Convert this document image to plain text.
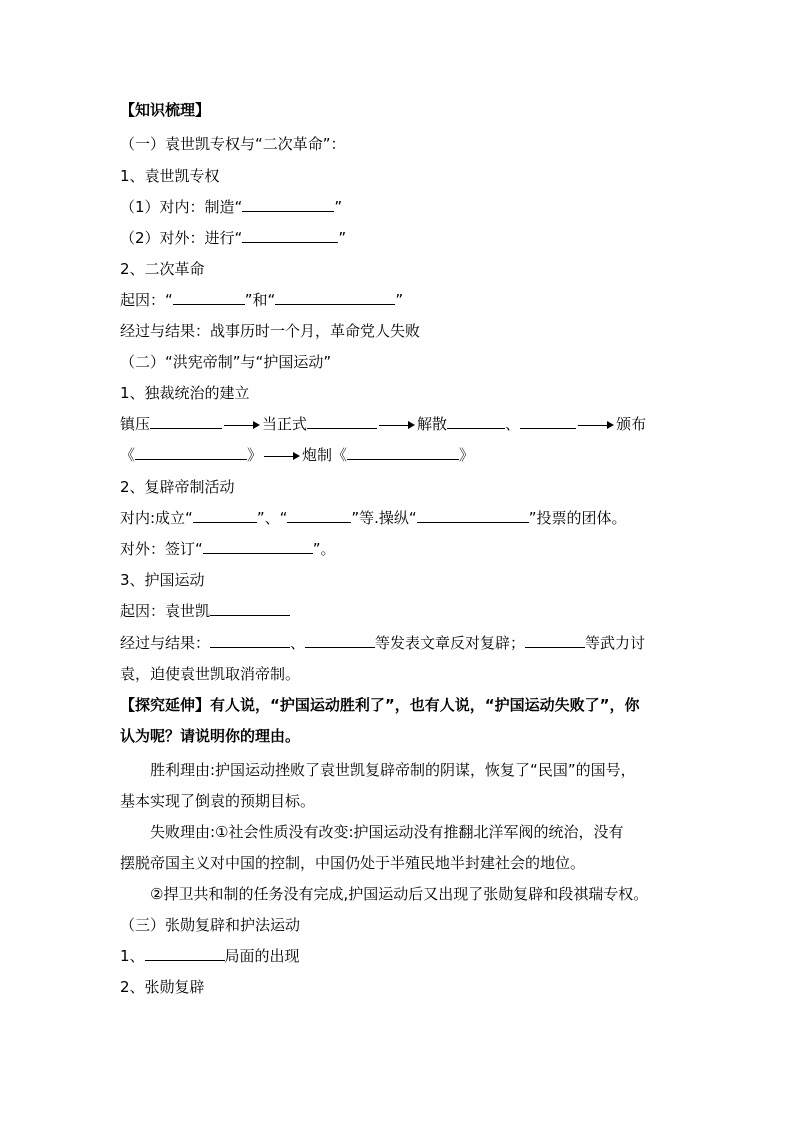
【知识梳理】
（一）袁世凯专权与“二次革命”：
1、袁世凯专权
（1）对内：制造“	”
（2）对外：进行“	”
2、二次革命
起因：“	”和“	”
经过与结果：战事历时一个月，革命党人失败
（二）“洪宪帝制”与“护国运动”
1、独裁统治的建立
镇压	当正式	解散	、	颁布
《	》	炮制《	》
2、复辟帝制活动
对内:成立“	”、“	”等.操纵“	”投票的团体。
对外：签订“	”。
3、护国运动
起因：袁世凯
经过与结果：	、	等发表文章反对复辟；	等武力讨
袁，迫使袁世凯取消帝制。
【探究延伸】有人说，“护国运动胜利了”，也有人说，“护国运动失败了”，你
认为呢？请说明你的理由。
胜利理由:护国运动挫败了袁世凯复辟帝制的阴谋，恢复了“民国”的国号，
基本实现了倒袁的预期目标。
失败理由:①社会性质没有改变:护国运动没有推翻北洋军阀的统治，没有
摆脱帝国主义对中国的控制，中国仍处于半殖民地半封建社会的地位。
②捍卫共和制的任务没有完成,护国运动后又出现了张勋复辟和段祺瑞专权。
（三）张勋复辟和护法运动
1、	局面的出现
2、张勋复辟
